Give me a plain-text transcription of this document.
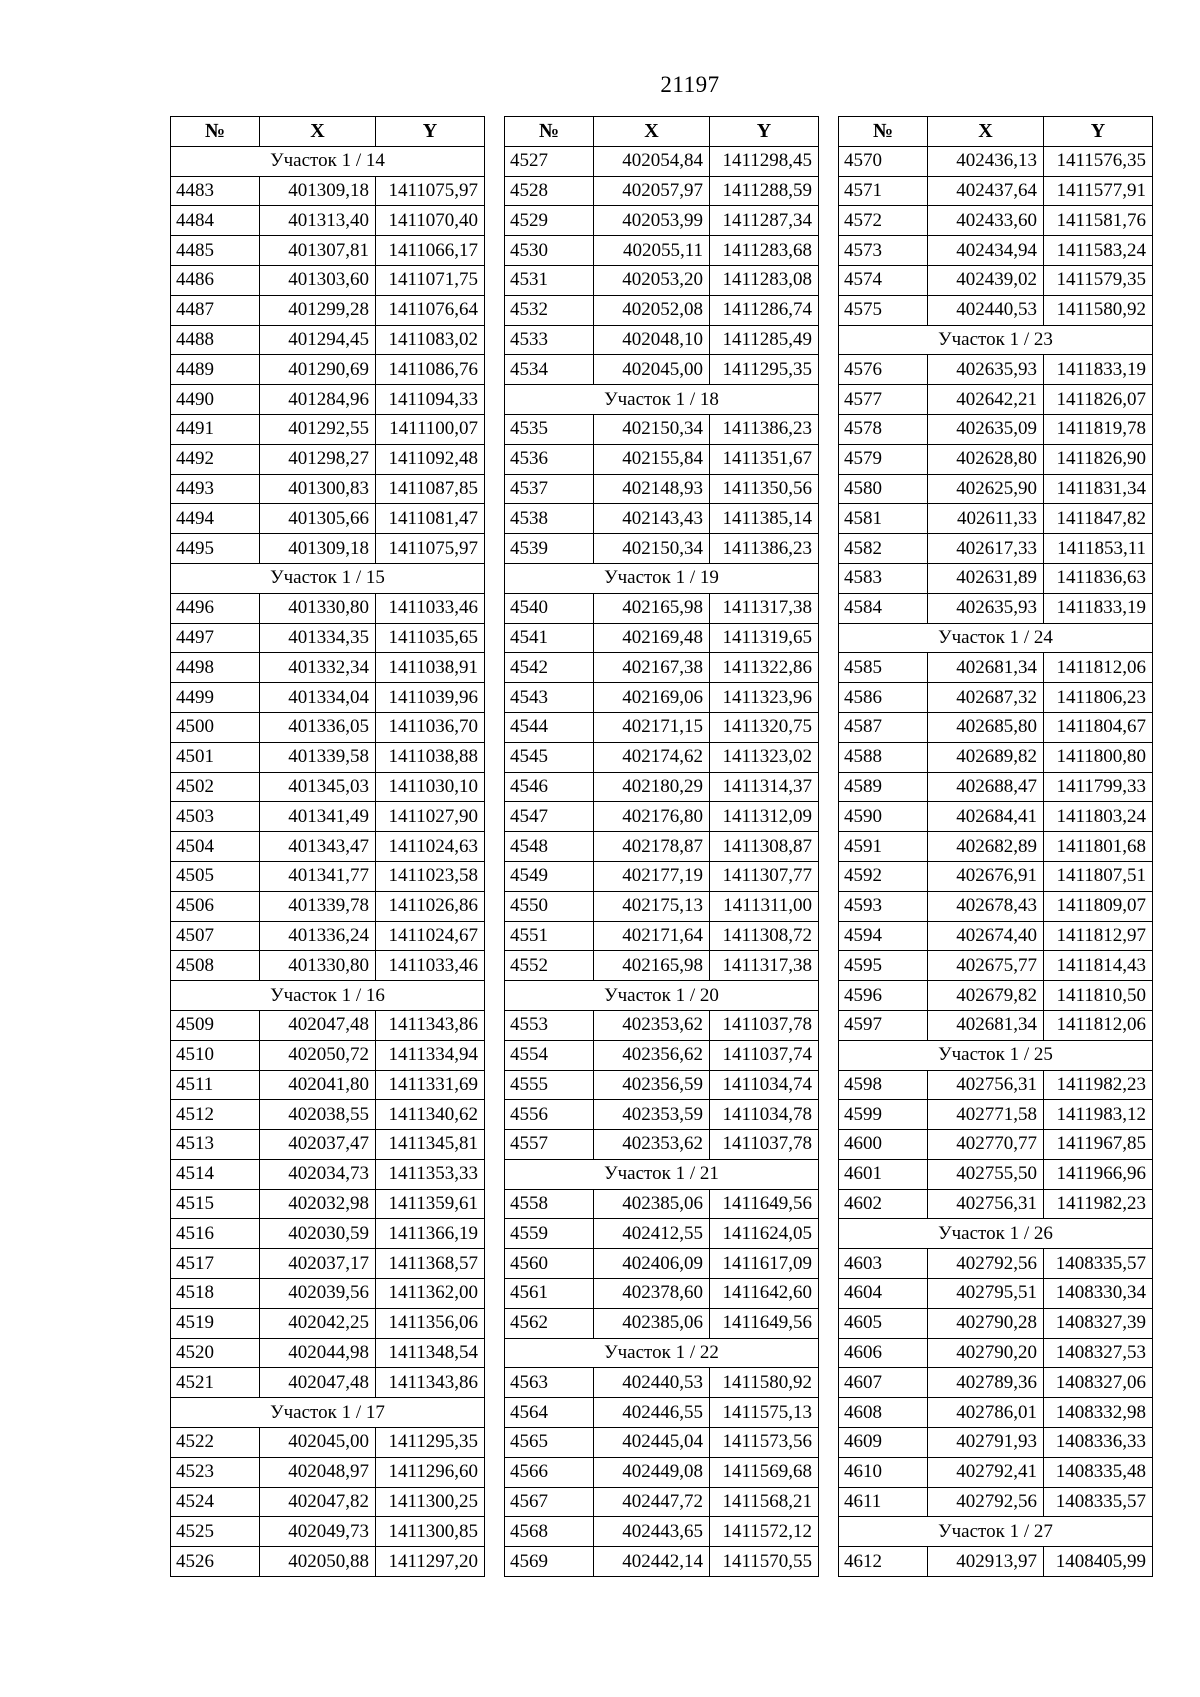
21197
№	X	Y
Участок 1 / 14		
4483	401309,18	1411075,97
4484	401313,40	1411070,40
4485	401307,81	1411066,17
4486	401303,60	1411071,75
4487	401299,28	1411076,64
4488	401294,45	1411083,02
4489	401290,69	1411086,76
4490	401284,96	1411094,33
4491	401292,55	1411100,07
4492	401298,27	1411092,48
4493	401300,83	1411087,85
4494	401305,66	1411081,47
4495	401309,18	1411075,97
Участок 1 / 15		
4496	401330,80	1411033,46
4497	401334,35	1411035,65
4498	401332,34	1411038,91
4499	401334,04	1411039,96
4500	401336,05	1411036,70
4501	401339,58	1411038,88
4502	401345,03	1411030,10
4503	401341,49	1411027,90
4504	401343,47	1411024,63
4505	401341,77	1411023,58
4506	401339,78	1411026,86
4507	401336,24	1411024,67
4508	401330,80	1411033,46
Участок 1 / 16		
4509	402047,48	1411343,86
4510	402050,72	1411334,94
4511	402041,80	1411331,69
4512	402038,55	1411340,62
4513	402037,47	1411345,81
4514	402034,73	1411353,33
4515	402032,98	1411359,61
4516	402030,59	1411366,19
4517	402037,17	1411368,57
4518	402039,56	1411362,00
4519	402042,25	1411356,06
4520	402044,98	1411348,54
4521	402047,48	1411343,86
Участок 1 / 17		
4522	402045,00	1411295,35
4523	402048,97	1411296,60
4524	402047,82	1411300,25
4525	402049,73	1411300,85
4526	402050,88	1411297,20
№	X	Y
4527	402054,84	1411298,45
4528	402057,97	1411288,59
4529	402053,99	1411287,34
4530	402055,11	1411283,68
4531	402053,20	1411283,08
4532	402052,08	1411286,74
4533	402048,10	1411285,49
4534	402045,00	1411295,35
Участок 1 / 18		
4535	402150,34	1411386,23
4536	402155,84	1411351,67
4537	402148,93	1411350,56
4538	402143,43	1411385,14
4539	402150,34	1411386,23
Участок 1 / 19		
4540	402165,98	1411317,38
4541	402169,48	1411319,65
4542	402167,38	1411322,86
4543	402169,06	1411323,96
4544	402171,15	1411320,75
4545	402174,62	1411323,02
4546	402180,29	1411314,37
4547	402176,80	1411312,09
4548	402178,87	1411308,87
4549	402177,19	1411307,77
4550	402175,13	1411311,00
4551	402171,64	1411308,72
4552	402165,98	1411317,38
Участок 1 / 20		
4553	402353,62	1411037,78
4554	402356,62	1411037,74
4555	402356,59	1411034,74
4556	402353,59	1411034,78
4557	402353,62	1411037,78
Участок 1 / 21		
4558	402385,06	1411649,56
4559	402412,55	1411624,05
4560	402406,09	1411617,09
4561	402378,60	1411642,60
4562	402385,06	1411649,56
Участок 1 / 22		
4563	402440,53	1411580,92
4564	402446,55	1411575,13
4565	402445,04	1411573,56
4566	402449,08	1411569,68
4567	402447,72	1411568,21
4568	402443,65	1411572,12
4569	402442,14	1411570,55
№	X	Y
4570	402436,13	1411576,35
4571	402437,64	1411577,91
4572	402433,60	1411581,76
4573	402434,94	1411583,24
4574	402439,02	1411579,35
4575	402440,53	1411580,92
Участок 1 / 23		
4576	402635,93	1411833,19
4577	402642,21	1411826,07
4578	402635,09	1411819,78
4579	402628,80	1411826,90
4580	402625,90	1411831,34
4581	402611,33	1411847,82
4582	402617,33	1411853,11
4583	402631,89	1411836,63
4584	402635,93	1411833,19
Участок 1 / 24		
4585	402681,34	1411812,06
4586	402687,32	1411806,23
4587	402685,80	1411804,67
4588	402689,82	1411800,80
4589	402688,47	1411799,33
4590	402684,41	1411803,24
4591	402682,89	1411801,68
4592	402676,91	1411807,51
4593	402678,43	1411809,07
4594	402674,40	1411812,97
4595	402675,77	1411814,43
4596	402679,82	1411810,50
4597	402681,34	1411812,06
Участок 1 / 25		
4598	402756,31	1411982,23
4599	402771,58	1411983,12
4600	402770,77	1411967,85
4601	402755,50	1411966,96
4602	402756,31	1411982,23
Участок 1 / 26		
4603	402792,56	1408335,57
4604	402795,51	1408330,34
4605	402790,28	1408327,39
4606	402790,20	1408327,53
4607	402789,36	1408327,06
4608	402786,01	1408332,98
4609	402791,93	1408336,33
4610	402792,41	1408335,48
4611	402792,56	1408335,57
Участок 1 / 27		
4612	402913,97	1408405,99
